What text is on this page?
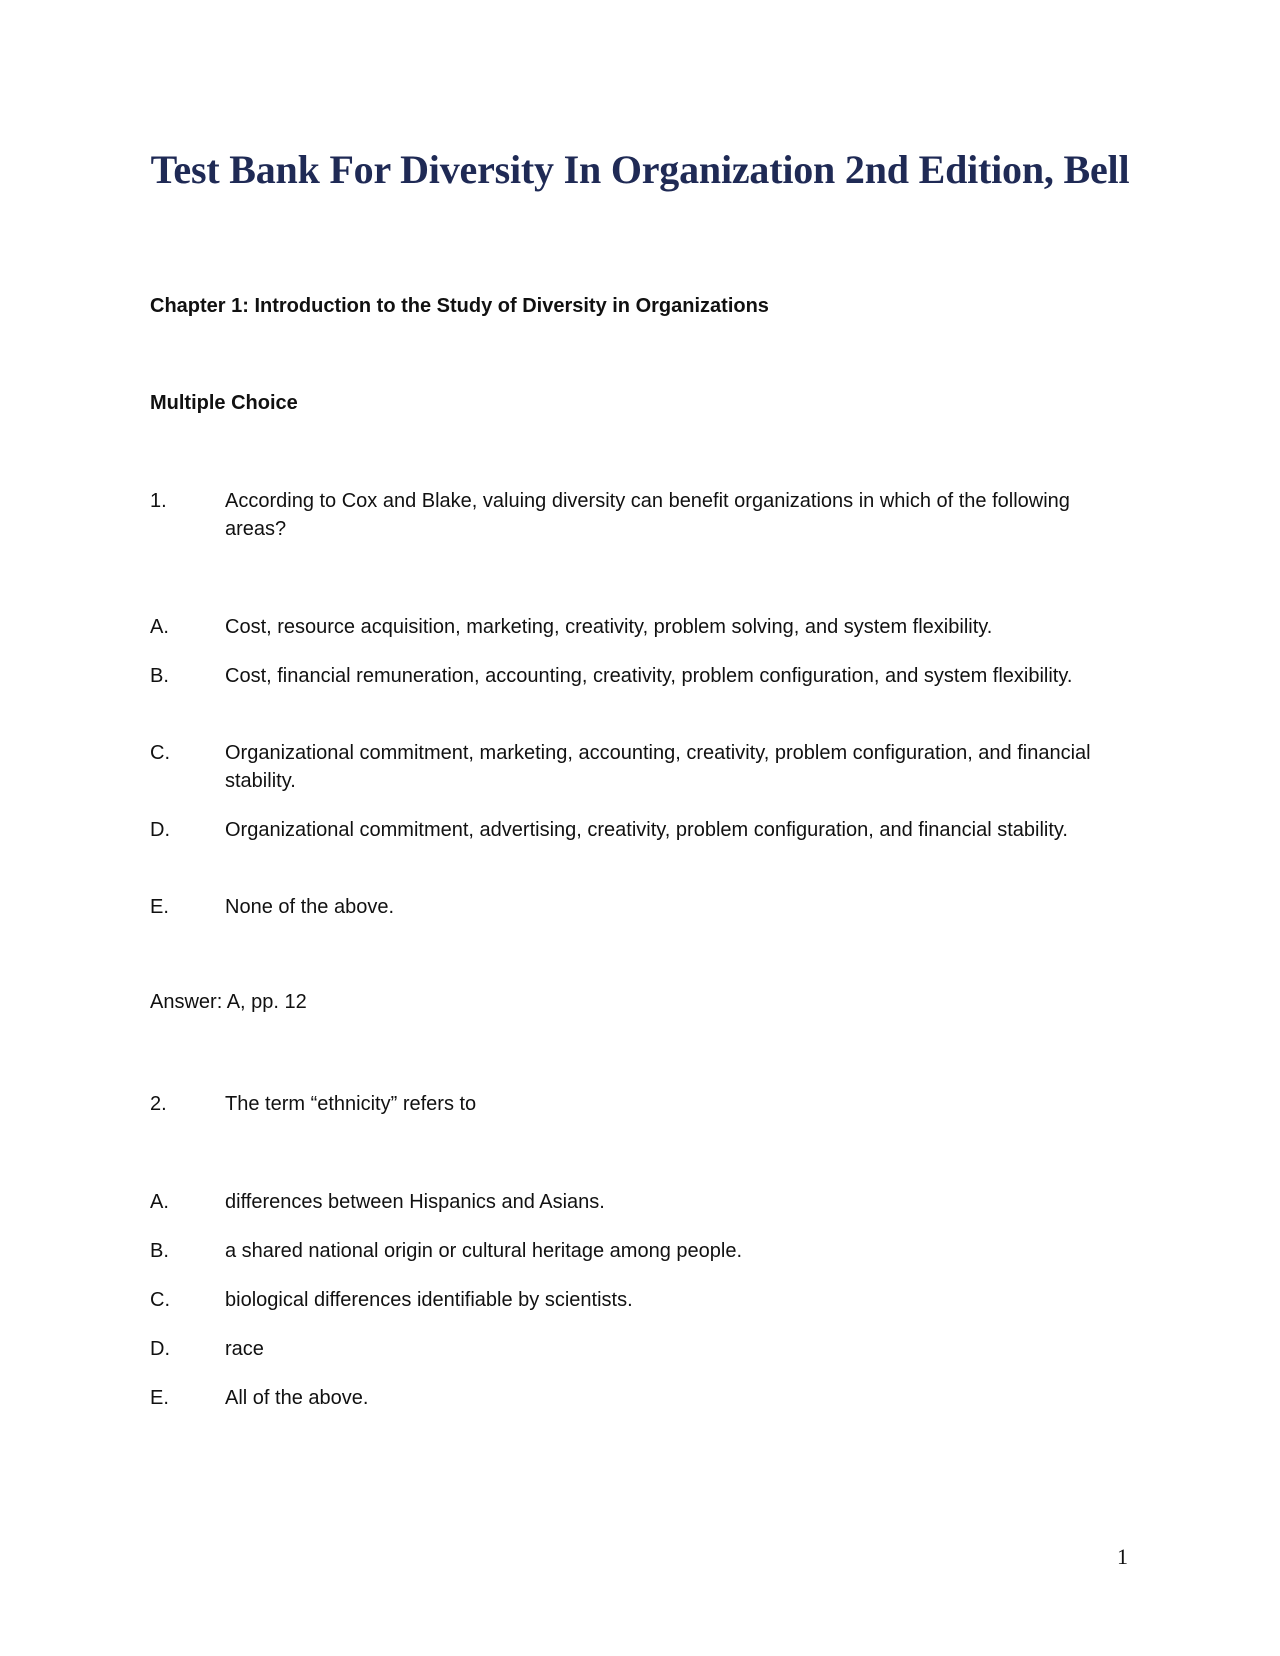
Test Bank For Diversity In Organization 2nd Edition, Bell
Chapter 1: Introduction to the Study of Diversity in Organizations
Multiple Choice
1.	According to Cox and Blake, valuing diversity can benefit organizations in which of the following areas?
A.	Cost, resource acquisition, marketing, creativity, problem solving, and system flexibility.
B.	Cost, financial remuneration, accounting, creativity, problem configuration, and system flexibility.
C.	Organizational commitment, marketing, accounting, creativity, problem configuration, and financial stability.
D.	Organizational commitment, advertising, creativity, problem configuration, and financial stability.
E.	None of the above.

Answer: A, pp. 12

2.	The term “ethnicity” refers to
A.	differences between Hispanics and Asians.
B.	a shared national origin or cultural heritage among people.
C.	biological differences identifiable by scientists.
D.	race
E.	All of the above.
1
